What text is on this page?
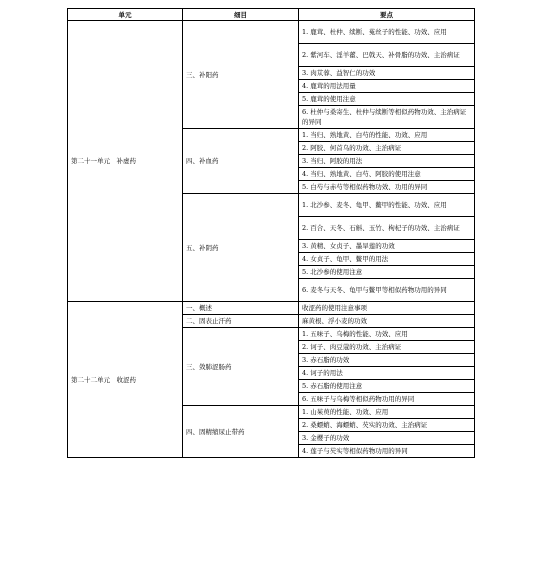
单元	细目	要点
第二十一单元　补虚药	三、补阳药	1. 鹿茸、杜仲、续断、菟丝子的性能、功效、应用
		2. 紫河车、淫羊藿、巴戟天、补骨脂的功效、主治病证
		3. 肉苁蓉、益智仁的功效
		4. 鹿茸的用法用量
		5. 鹿茸的使用注意
		6. 杜仲与桑寄生、杜仲与续断等相似药物功效、主治病证的异同
	四、补血药	1. 当归、熟地黄、白芍的性能、功效、应用
		2. 阿胶、何首乌的功效、主治病证
		3. 当归、阿胶的用法
		4. 当归、熟地黄、白芍、阿胶的使用注意
		5. 白芍与赤芍等相似药物功效、功用的异同
	五、补阴药	1. 北沙参、麦冬、龟甲、鳖甲的性能、功效、应用
		2. 百合、天冬、石斛、玉竹、枸杞子的功效、主治病证
		3. 黄精、女贞子、墨旱莲的功效
		4. 女贞子、龟甲、鳖甲的用法
		5. 北沙参的使用注意
		6. 麦冬与天冬、龟甲与鳖甲等相似药物功用的异同
第二十二单元　收涩药	一、概述	收涩药的使用注意事项
	二、固表止汗药	麻黄根、浮小麦的功效
	三、敛肺涩肠药	1. 五味子、乌梅的性能、功效、应用
		2. 诃子、肉豆蔻的功效、主治病证
		3. 赤石脂的功效
		4. 诃子的用法
		5. 赤石脂的使用注意
		6. 五味子与乌梅等相似药物功用的异同
	四、固精缩尿止带药	1. 山茱萸的性能、功效、应用
		2. 桑螵蛸、海螵蛸、芡实的功效、主治病证
		3. 金樱子的功效
		4. 莲子与芡实等相似药物功用的异同
